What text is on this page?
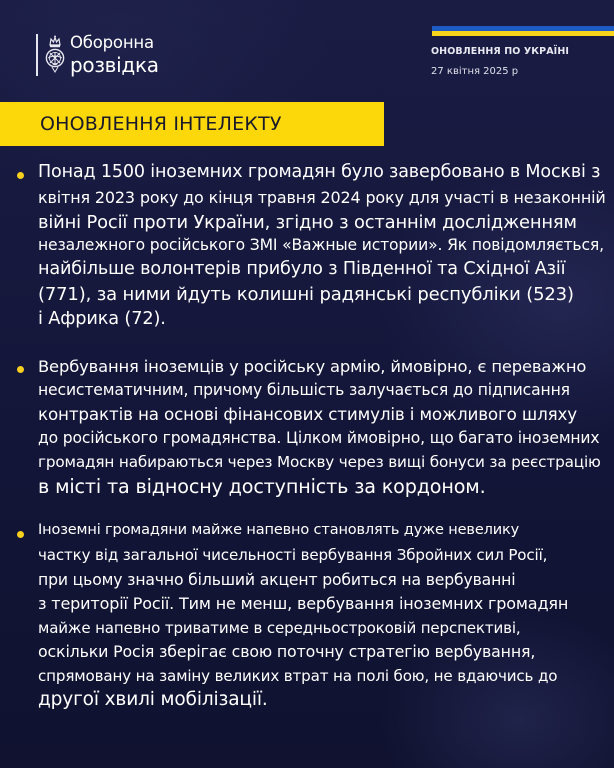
Оборонна
розвідка
ОНОВЛЕННЯ ПО УКРАЇНІ
27 квітня 2025 р
ОНОВЛЕННЯ ІНТЕЛЕКТУ
Понад 1500 іноземних громадян було завербовано в Москві з
квітня 2023 року до кінця травня 2024 року для участі в незаконній
війні Росії проти України, згідно з останнім дослідженням
незалежного російського ЗМІ «Важные истории». Як повідомляється,
найбільше волонтерів прибуло з Південної та Східної Азії
(771), за ними йдуть колишні радянські республіки (523)
і Африка (72).
Вербування іноземців у російську армію, ймовірно, є переважно
несистематичним, причому більшість залучається до підписання
контрактів на основі фінансових стимулів і можливого шляху
до російського громадянства. Цілком ймовірно, що багато іноземних
громадян набираються через Москву через вищі бонуси за реєстрацію
в місті та відносну доступність за кордоном.
Іноземні громадяни майже напевно становлять дуже невелику
частку від загальної чисельності вербування Збройних сил Росії,
при цьому значно більший акцент робиться на вербуванні
з території Росії. Тим не менш, вербування іноземних громадян
майже напевно триватиме в середньостроковій перспективі,
оскільки Росія зберігає свою поточну стратегію вербування,
спрямовану на заміну великих втрат на полі бою, не вдаючись до
другої хвилі мобілізації.
